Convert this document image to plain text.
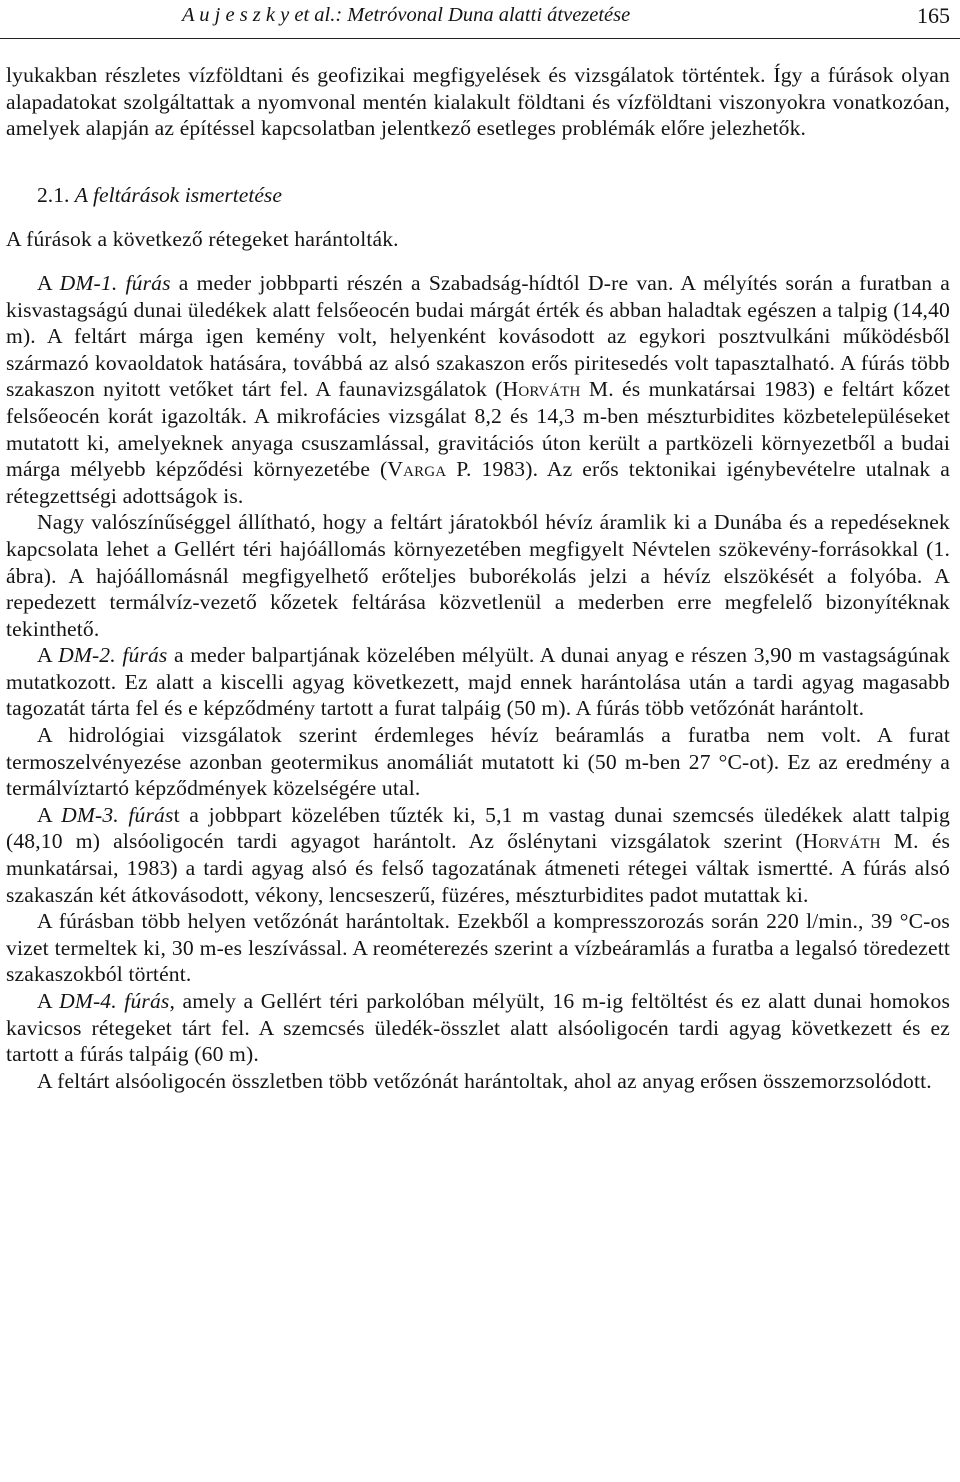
A u j e s z k y et al.: Metróvonal Duna alatti átvezetése	165

lyukakban részletes vízföldtani és geofizikai megfigyelések és vizsgálatok történtek. Így a fúrások olyan alapadatokat szolgáltattak a nyomvonal mentén kialakult földtani és vízföldtani viszonyokra vonatkozóan, amelyek alapján az építéssel kapcsolatban jelentkező esetleges problémák előre jelezhetők.

2.1. A feltárások ismertetése

A fúrások a következő rétegeket harántolták.

A DM-1. fúrás a meder jobbparti részén a Szabadság-hídtól D-re van. A mélyítés során a furatban a kisvastagságú dunai üledékek alatt felsőeocén budai márgát érték és abban haladtak egészen a talpig (14,40 m). A feltárt márga igen kemény volt, helyenként kovásodott az egykori posztvulkáni működésből származó kovaoldatok hatására, továbbá az alsó szakaszon erős piritesedés volt tapasztalható. A fúrás több szakaszon nyitott vetőket tárt fel. A faunavizsgálatok (Horváth M. és munkatársai 1983) e feltárt kőzet felsőeocén korát igazolták. A mikrofácies vizsgálat 8,2 és 14,3 m-ben mészturbidites közbetelepüléseket mutatott ki, amelyeknek anyaga csuszamlással, gravitációs úton került a partközeli környezetből a budai márga mélyebb képződési környezetébe (Varga P. 1983). Az erős tektonikai igénybevételre utalnak a rétegzettségi adottságok is.

Nagy valószínűséggel állítható, hogy a feltárt járatokból hévíz áramlik ki a Dunába és a repedéseknek kapcsolata lehet a Gellért téri hajóállomás környezetében megfigyelt Névtelen szökevény-forrásokkal (1. ábra). A hajóállomásnál megfigyelhető erőteljes buborékolás jelzi a hévíz elszökését a folyóba. A repedezett termálvíz-vezető kőzetek feltárása közvetlenül a mederben erre megfelelő bizonyítéknak tekinthető.

A DM-2. fúrás a meder balpartjának közelében mélyült. A dunai anyag e részen 3,90 m vastagságúnak mutatkozott. Ez alatt a kiscelli agyag következett, majd ennek harántolása után a tardi agyag magasabb tagozatát tárta fel és e képződmény tartott a furat talpáig (50 m). A fúrás több vetőzónát harántolt.

A hidrológiai vizsgálatok szerint érdemleges hévíz beáramlás a furatba nem volt. A furat termoszelvényezése azonban geotermikus anomáliát mutatott ki (50 m-ben 27 °C-ot). Ez az eredmény a termálvíztartó képződmények közelségére utal.

A DM-3. fúrást a jobbpart közelében tűzték ki, 5,1 m vastag dunai szemcsés üledékek alatt talpig (48,10 m) alsóoligocén tardi agyagot harántolt. Az őslénytani vizsgálatok szerint (Horváth M. és munkatársai, 1983) a tardi agyag alsó és felső tagozatának átmeneti rétegei váltak ismertté. A fúrás alsó szakaszán két átkovásodott, vékony, lencseszerű, füzéres, mészturbidites padot mutattak ki.

A fúrásban több helyen vetőzónát harántoltak. Ezekből a kompresszorozás során 220 l/min., 39 °C-os vizet termeltek ki, 30 m-es leszívással. A reométerezés szerint a vízbeáramlás a furatba a legalsó töredezett szakaszokból történt.

A DM-4. fúrás, amely a Gellért téri parkolóban mélyült, 16 m-ig feltöltést és ez alatt dunai homokos kavicsos rétegeket tárt fel. A szemcsés üledék-összlet alatt alsóoligocén tardi agyag következett és ez tartott a fúrás talpáig (60 m).

A feltárt alsóoligocén összletben több vetőzónát harántoltak, ahol az anyag erősen összemorzsolódott.
